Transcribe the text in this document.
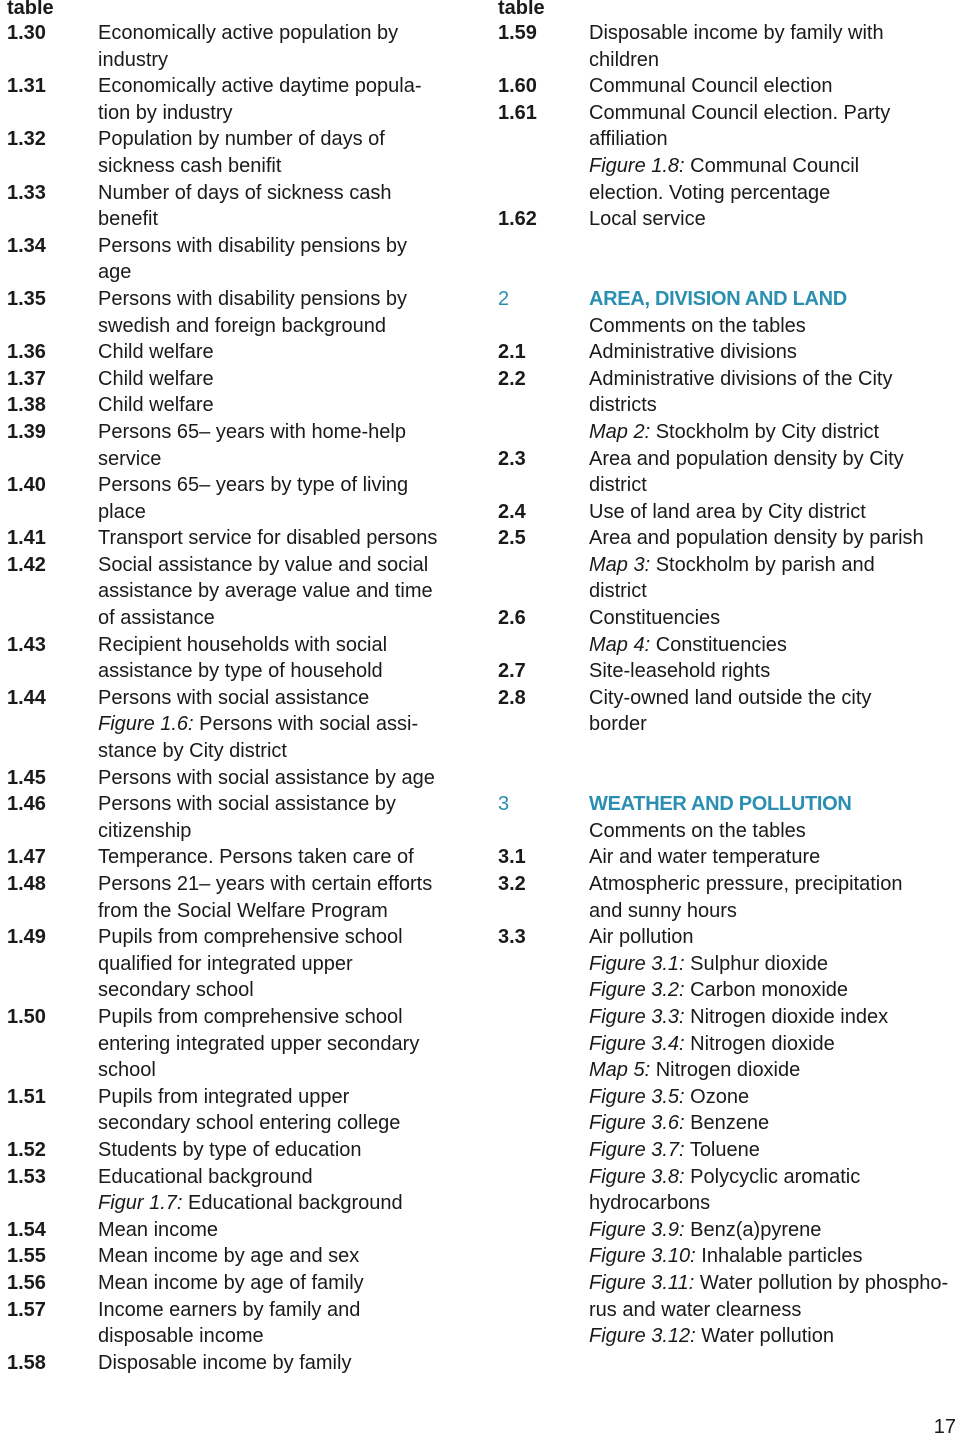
table
1.30	Economically active population by
industry
1.31	Economically active daytime popula-
tion by industry
1.32	Population by number of days of
sickness cash benifit
1.33	Number of days of sickness cash
benefit
1.34	Persons with disability pensions by
age
1.35	Persons with disability pensions by
swedish and foreign background
1.36	Child welfare
1.37	Child welfare
1.38	Child welfare
1.39	Persons 65– years with home-help
service
1.40	Persons 65– years by type of living
place
1.41	Transport service for disabled persons
1.42	Social assistance by value and social
assistance by average value and time
of assistance
1.43	Recipient households with social
assistance by type of household
1.44	Persons with social assistance
Figure 1.6: Persons with social assi-
stance by City district
1.45	Persons with social assistance by age
1.46	Persons with social assistance by
citizenship
1.47	Temperance. Persons taken care of
1.48	Persons 21– years with certain efforts
from the Social Welfare Program
1.49	Pupils from comprehensive school
qualified for integrated upper
secondary school
1.50	Pupils from comprehensive school
entering integrated upper secondary
school
1.51	Pupils from integrated upper
secondary school entering college
1.52	Students by type of education
1.53	Educational background
Figur 1.7: Educational background
1.54	Mean income
1.55	Mean income by age and sex
1.56	Mean income by age of family
1.57	Income earners by family and
disposable income
1.58	Disposable income by family
table
1.59	Disposable income by family with
children
1.60	Communal Council election
1.61	Communal Council election. Party
affiliation
Figure 1.8: Communal Council
election. Voting percentage
1.62	Local service
2	AREA, DIVISION AND LAND
Comments on the tables
2.1	Administrative divisions
2.2	Administrative divisions of the City
districts
Map 2: Stockholm by City district
2.3	Area and population density by City
district
2.4	Use of land area by City district
2.5	Area and population density by parish
Map 3: Stockholm by parish and
district
2.6	Constituencies
Map 4: Constituencies
2.7	Site-leasehold rights
2.8	City-owned land outside the city
border
3	WEATHER AND POLLUTION
Comments on the tables
3.1	Air and water temperature
3.2	Atmospheric pressure, precipitation
and sunny hours
3.3	Air pollution
Figure 3.1: Sulphur dioxide
Figure 3.2: Carbon monoxide
Figure 3.3: Nitrogen dioxide index
Figure 3.4: Nitrogen dioxide
Map 5: Nitrogen dioxide
Figure 3.5: Ozone
Figure 3.6: Benzene
Figure 3.7: Toluene
Figure 3.8: Polycyclic aromatic
hydrocarbons
Figure 3.9: Benz(a)pyrene
Figure 3.10: Inhalable particles
Figure 3.11: Water pollution by phospho-
rus and water clearness
Figure 3.12: Water pollution
17
